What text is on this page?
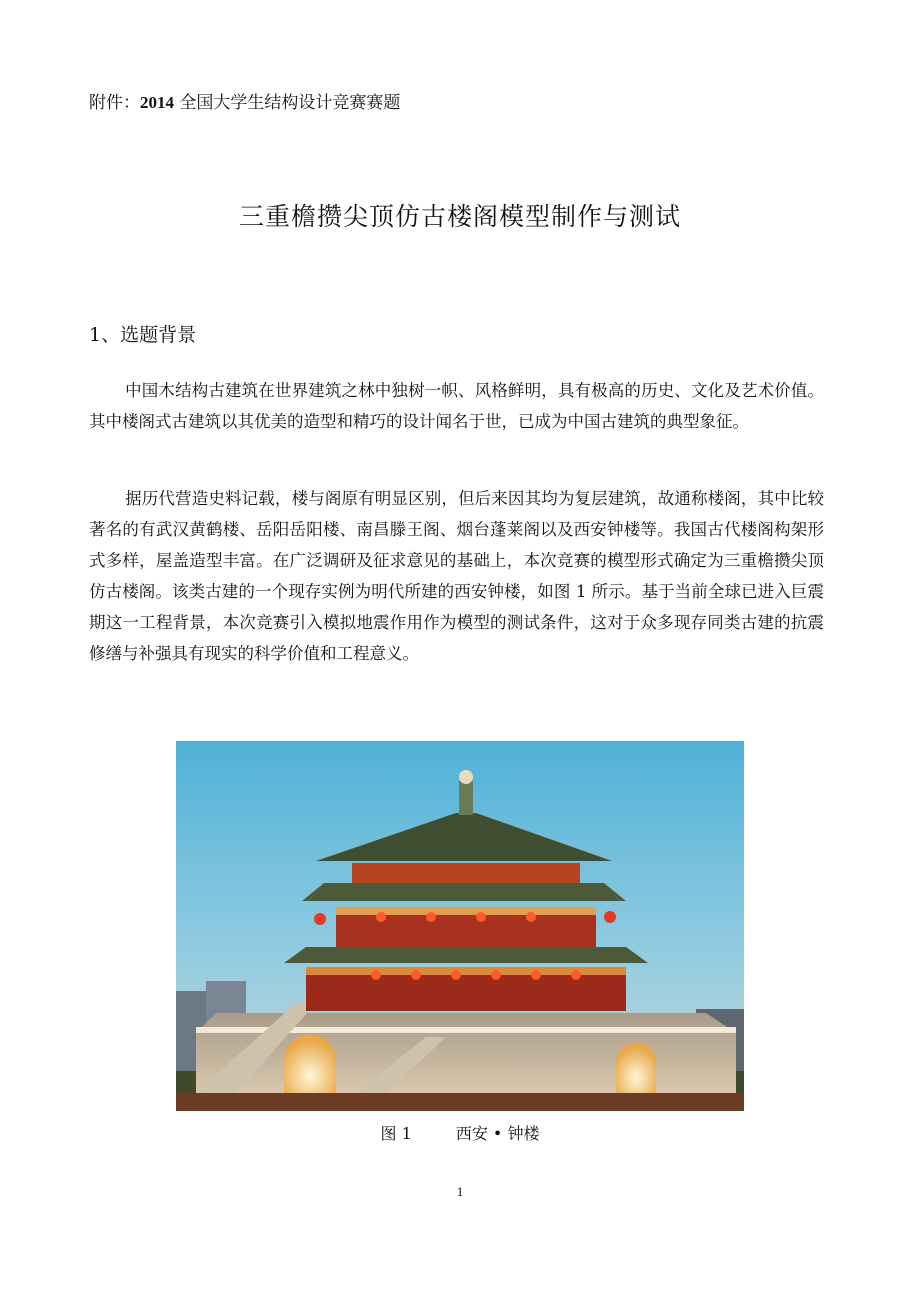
附件：2014 全国大学生结构设计竞赛赛题
三重檐攒尖顶仿古楼阁模型制作与测试
1、选题背景

中国木结构古建筑在世界建筑之林中独树一帜、风格鲜明，具有极高的历史、文化及艺术价值。其中楼阁式古建筑以其优美的造型和精巧的设计闻名于世，已成为中国古建筑的典型象征。

据历代营造史料记载，楼与阁原有明显区别，但后来因其均为复层建筑，故通称楼阁，其中比较著名的有武汉黄鹤楼、岳阳岳阳楼、南昌滕王阁、烟台蓬莱阁以及西安钟楼等。我国古代楼阁构架形式多样，屋盖造型丰富。在广泛调研及征求意见的基础上，本次竞赛的模型形式确定为三重檐攒尖顶仿古楼阁。该类古建的一个现存实例为明代所建的西安钟楼，如图 1 所示。基于当前全球已进入巨震期这一工程背景，本次竞赛引入模拟地震作用作为模型的测试条件，这对于众多现存同类古建的抗震修缮与补强具有现实的科学价值和工程意义。

图 1	西安 • 钟楼
1
